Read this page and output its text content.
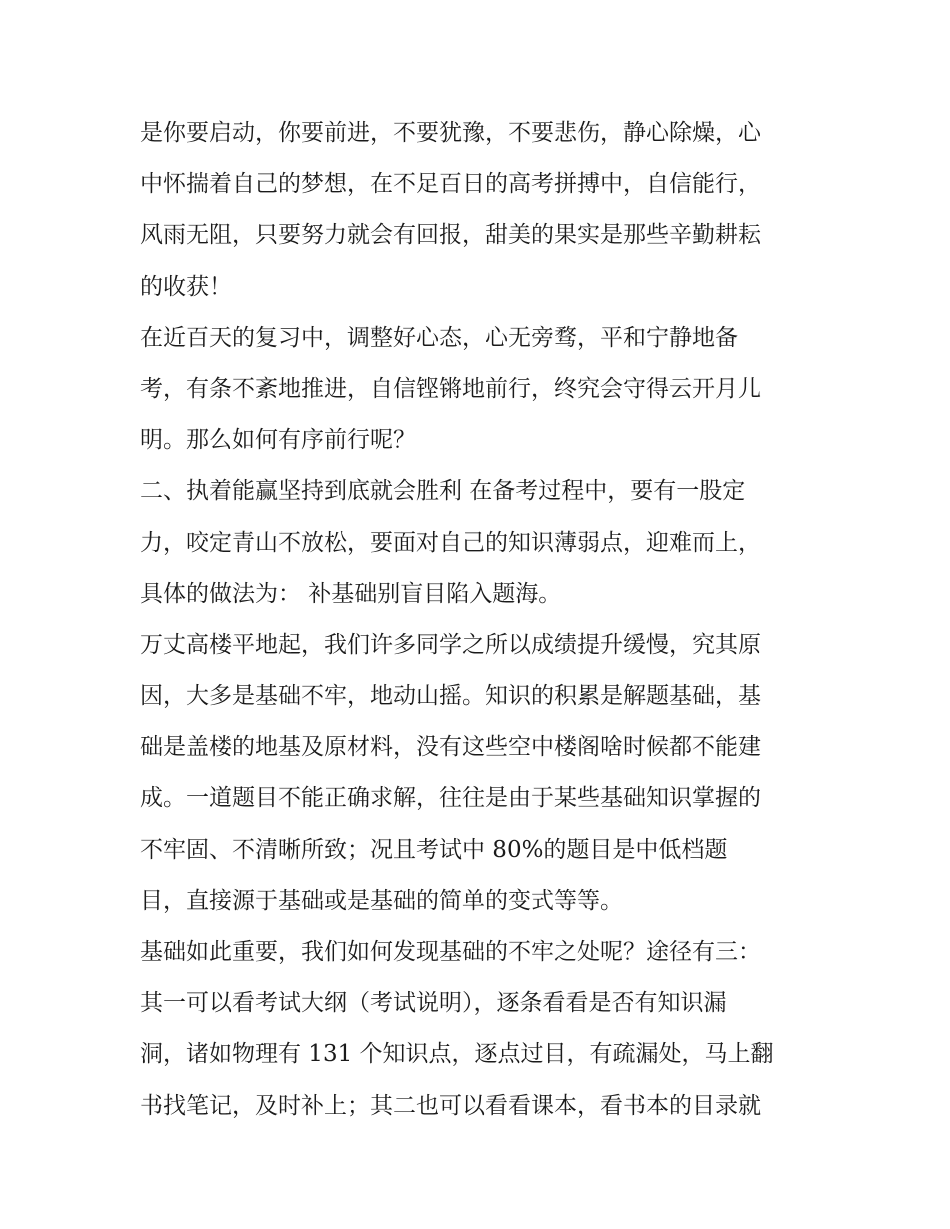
是你要启动，你要前进，不要犹豫，不要悲伤，静心除燥，心
中怀揣着自己的梦想，在不足百日的高考拼搏中，自信能行，
风雨无阻，只要努力就会有回报，甜美的果实是那些辛勤耕耘
的收获！
在近百天的复习中，调整好心态，心无旁骛，平和宁静地备
考，有条不紊地推进，自信铿锵地前行，终究会守得云开月儿
明。那么如何有序前行呢？
二、执着能赢坚持到底就会胜利 在备考过程中，要有一股定
力，咬定青山不放松，要面对自己的知识薄弱点，迎难而上，
具体的做法为： 补基础别盲目陷入题海。
万丈高楼平地起，我们许多同学之所以成绩提升缓慢，究其原
因，大多是基础不牢，地动山摇。知识的积累是解题基础，基
础是盖楼的地基及原材料，没有这些空中楼阁啥时候都不能建
成。一道题目不能正确求解，往往是由于某些基础知识掌握的
不牢固、不清晰所致；况且考试中 80%的题目是中低档题
目，直接源于基础或是基础的简单的变式等等。
基础如此重要，我们如何发现基础的不牢之处呢？途径有三：
其一可以看考试大纲（考试说明），逐条看看是否有知识漏
洞，诸如物理有 131 个知识点，逐点过目，有疏漏处，马上翻
书找笔记，及时补上；其二也可以看看课本，看书本的目录就
